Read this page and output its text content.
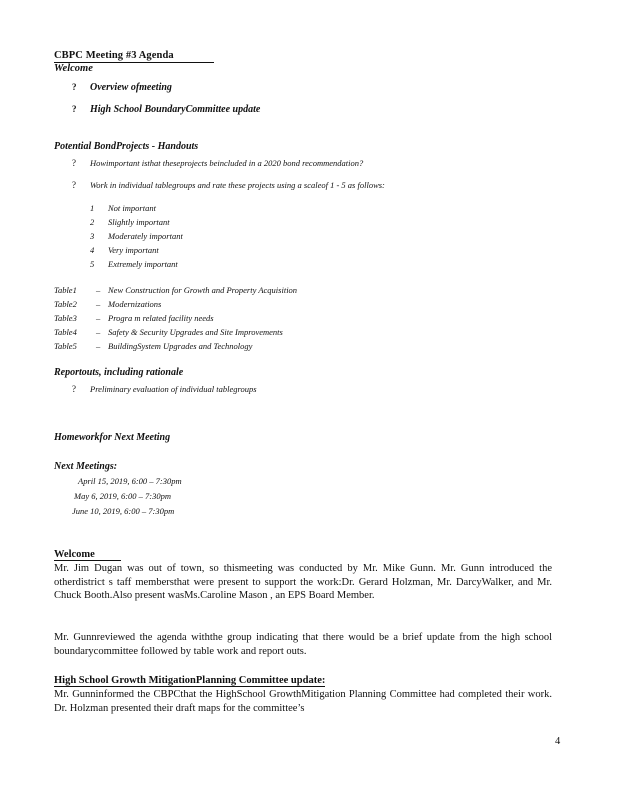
CBPC Meeting #3 Agenda
Welcome
? Overview ofmeeting
? High School BoundaryCommittee update
Potential BondProjects - Handouts
? Howimportant isthat theseprojects beincluded in a 2020 bond recommendation?
? Work in individual tablegroups and rate these projects using a scaleof 1 - 5 as follows:
1 Not important
2 Slightly important
3 Moderately important
4 Very important
5 Extremely important
Table1 – New Construction for Growth and Property Acquisition
Table2 – Modernizations
Table3 – Progra m related facility needs
Table4 – Safety & Security Upgrades and Site Improvements
Table5 – BuildingSystem Upgrades and Technology
Reportouts, including rationale
? Preliminary evaluation of individual tablegroups
Homeworkfor Next Meeting
Next Meetings:
April 15, 2019, 6:00 – 7:30pm
May 6, 2019, 6:00 – 7:30pm
June 10, 2019, 6:00 – 7:30pm
Welcome
Mr. Jim Dugan was out of town, so thismeeting was conducted by Mr. Mike Gunn. Mr. Gunn introduced the otherdistrict s taff membersthat were present to support the work:Dr. Gerard Holzman, Mr. DarcyWalker, and Mr. Chuck Booth.Also present wasMs.Caroline Mason , an EPS Board Member.
Mr. Gunnreviewed the agenda withthe group indicating that there would be a brief update from the high school boundarycommittee followed by table work and report outs.
High School Growth MitigationPlanning Committee update:
Mr. Gunninformed the CBPCthat the HighSchool GrowthMitigation Planning Committee had completed their work. Dr. Holzman presented their draft maps for the committee’s
4
